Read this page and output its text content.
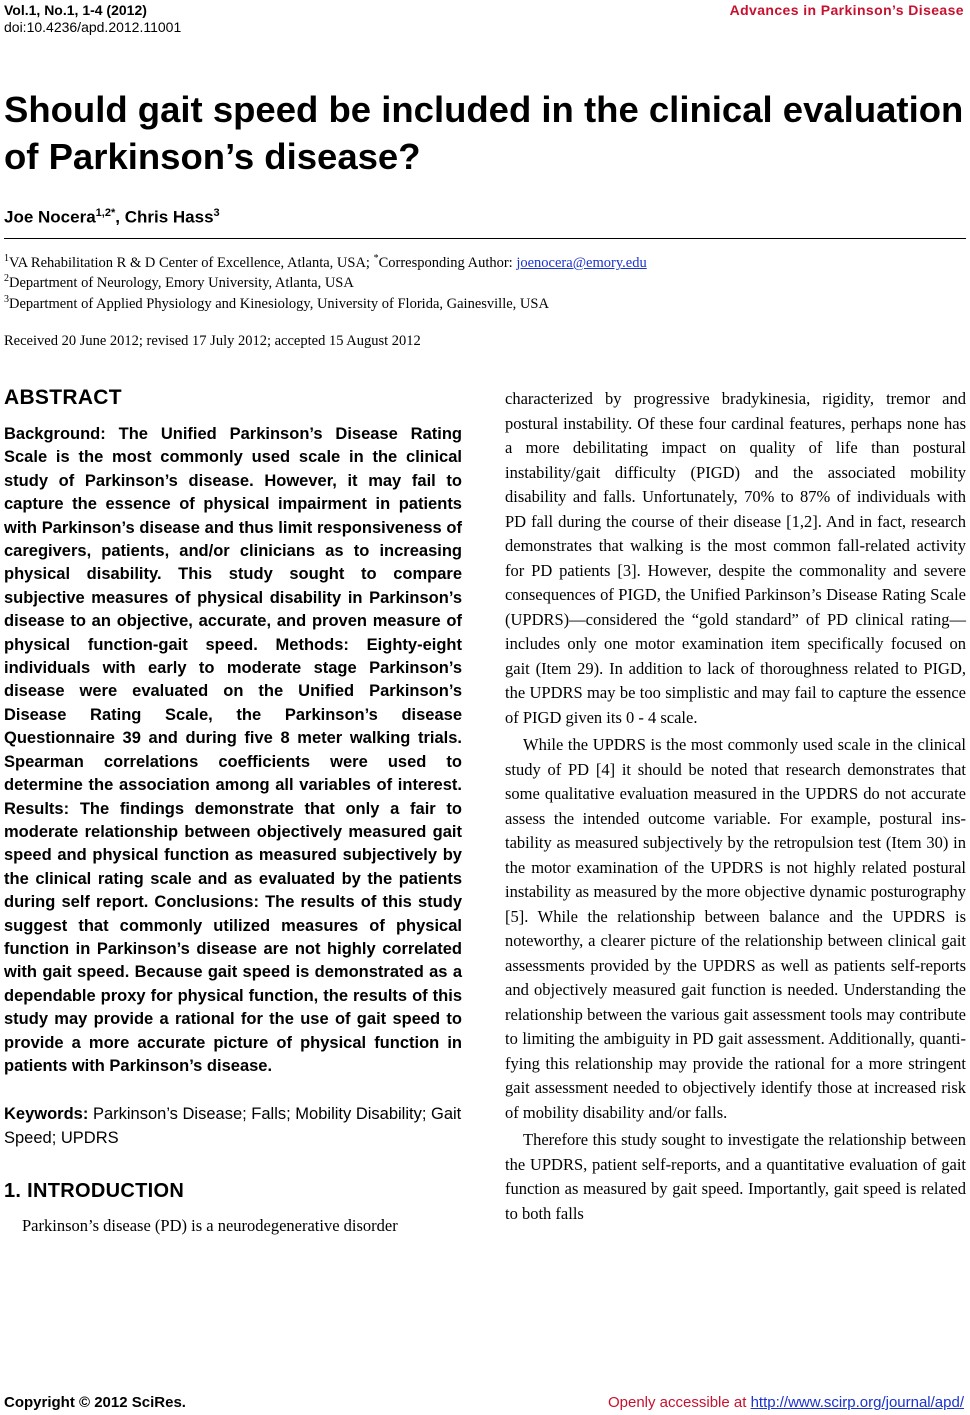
Vol.1, No.1, 1-4 (2012)
doi:10.4236/apd.2012.11001
Advances in Parkinson’s Disease
Should gait speed be included in the clinical evaluation of Parkinson’s disease?
Joe Nocera$^{1,2*}$, Chris Hass$^3$
$^1$VA Rehabilitation R & D Center of Excellence, Atlanta, USA; *Corresponding Author: joenocera@emory.edu
$^2$Department of Neurology, Emory University, Atlanta, USA
$^3$Department of Applied Physiology and Kinesiology, University of Florida, Gainesville, USA
Received 20 June 2012; revised 17 July 2012; accepted 15 August 2012
ABSTRACT

Background: The Unified Parkinson’s Disease Rating Scale is the most commonly used scale in the clinical study of Parkinson’s disease. However, it may fail to capture the essence of physical impairment in patients with Parkinson’s disease and thus limit responsiveness of caregivers, patients, and/or clinicians as to increasing physical disability. This study sought to compare subjective measures of physical disability in Parkinson’s disease to an objective, accurate, and proven measure of physical function-gait speed. Methods: Eighty-eight individuals with early to moderate stage Parkinson’s disease were evaluated on the Unified Parkinson’s Disease Rating Scale, the Parkinson’s disease Questionnaire 39 and during five 8 meter walking trials. Spearman correlations coefficients were used to determine the association among all variables of interest. Results: The findings demonstrate that only a fair to moderate relationship between objectively measured gait speed and physical function as measured subjectively by the clinical rating scale and as evaluated by the patients during self report. Conclusions: The results of this study suggest that commonly utilized measures of physical function in Parkinson’s disease are not highly correlated with gait speed. Because gait speed is demonstrated as a dependable proxy for physical function, the results of this study may provide a rational for the use of gait speed to provide a more accurate picture of physical function in patients with Parkinson’s disease.

Keywords: Parkinson’s Disease; Falls; Mobility Disability; Gait Speed; UPDRS

1. INTRODUCTION

Parkinson’s disease (PD) is a neurodegenerative disorder

characterized by progressive bradykinesia, rigidity, tremor and postural instability. Of these four cardinal features, perhaps none has a more debilitating impact on quality of life than postural instability/gait difficulty (PIGD) and the associated mobility disability and falls. Unfortunately, 70% to 87% of individuals with PD fall during the course of their disease [1,2]. And in fact, research demonstrates that walking is the most common fall-related activity for PD patients [3]. However, despite the commonality and severe consequences of PIGD, the Unified Parkinson’s Disease Rating Scale (UPDRS)—considered the “gold standard” of PD clinical rating—includes only one motor examination item specifically focused on gait (Item 29). In addition to lack of thoroughness related to PIGD, the UPDRS may be too simplistic and may fail to capture the essence of PIGD given its 0 - 4 scale.

While the UPDRS is the most commonly used scale in the clinical study of PD [4] it should be noted that research demonstrates that some qualitative evaluation measured in the UPDRS do not accurate assess the intended outcome variable. For example, postural instability as measured subjectively by the retropulsion test (Item 30) in the motor examination of the UPDRS is not highly related postural instability as measured by the more objective dynamic posturography [5]. While the relationship between balance and the UPDRS is noteworthy, a clearer picture of the relationship between clinical gait assessments provided by the UPDRS as well as patients self-reports and objectively measured gait function is needed. Understanding the relationship between the various gait assessment tools may contribute to limiting the ambiguity in PD gait assessment. Additionally, quantifying this relationship may provide the rational for a more stringent gait assessment needed to objectively identify those at increased risk of mobility disability and/or falls.

Therefore this study sought to investigate the relationship between the UPDRS, patient self-reports, and a quantitative evaluation of gait function as measured by gait speed. Importantly, gait speed is related to both falls

Copyright © 2012 SciRes.	Openly accessible at http://www.scirp.org/journal/apd/
